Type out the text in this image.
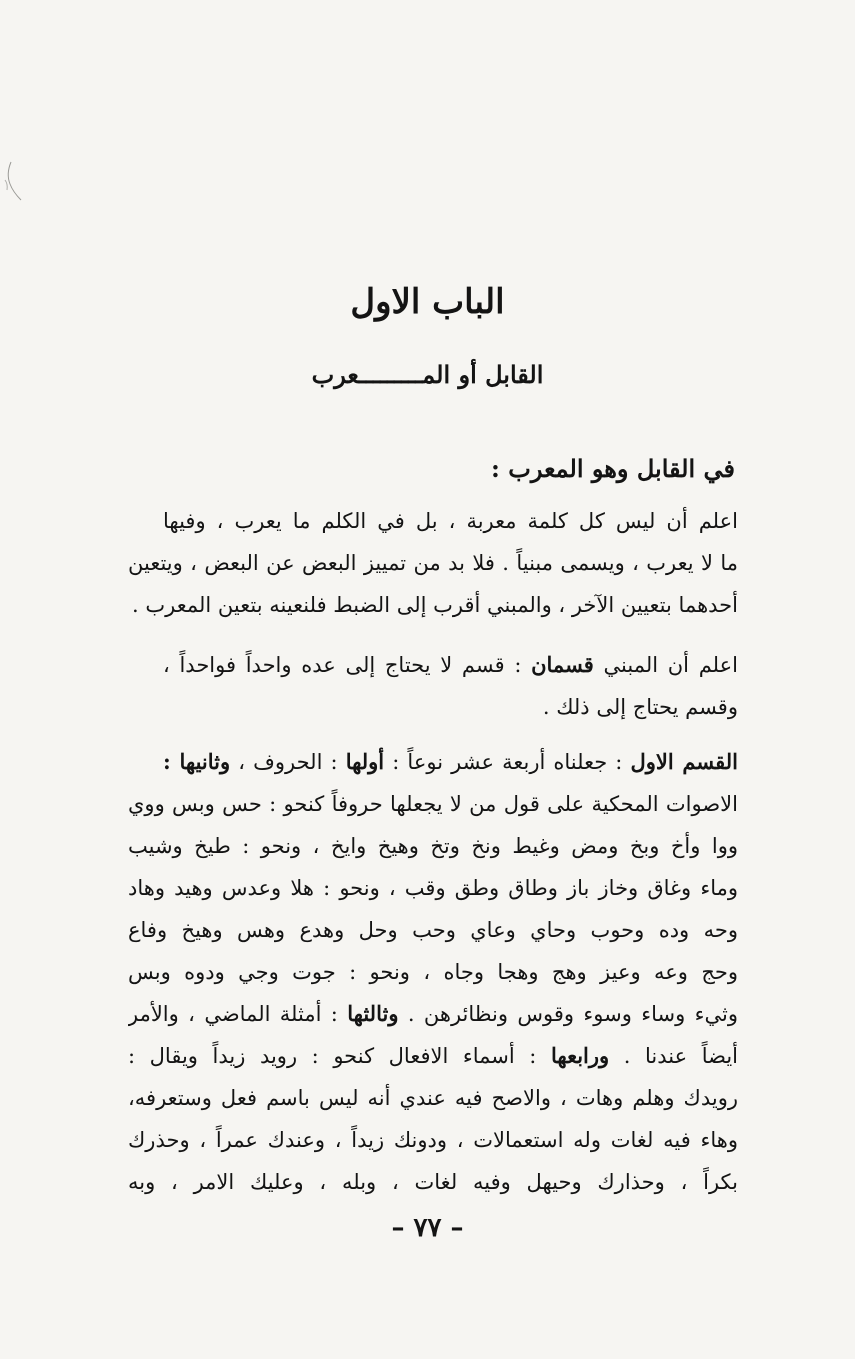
الباب الاول
القابل أو المـــــــــعرب
في القابل وهو المعرب :
اعلم أن ليس كل كلمة معربة ، بل في الكلم ما يعرب ، وفيها
ما لا يعرب ، ويسمى مبنياً . فلا بد من تمييز البعض عن البعض ، ويتعين
أحدهما بتعيين الآخر ، والمبني أقرب إلى الضبط فلنعينه بتعين المعرب .
اعلم أن المبني قسمان : قسم لا يحتاج إلى عده واحداً فواحداً ،
وقسم يحتاج إلى ذلك .
القسم الاول : جعلناه أربعة عشر نوعاً : أولها : الحروف ، وثانيها :
الاصوات المحكية على قول من لا يجعلها حروفاً كنحو : حس وبس ووي
ووا وأخ وبخ ومض وغيط ونخ وتخ وهيخ وايخ ، ونحو : طيخ وشيب
وماء وغاق وخاز باز وطاق وطق وقب ، ونحو : هلا وعدس وهيد وهاد
وحه وده وحوب وحاي وعاي وحب وحل وهدع وهس وهيخ وفاع
وحج وعه وعيز وهج وهجا وجاه ، ونحو : جوت وجي ودوه وبس
وثيء وساء وسوء وقوس ونظائرهن . وثالثها : أمثلة الماضي ، والأمر
أيضاً عندنا . ورابعها : أسماء الافعال كنحو : رويد زيداً ويقال :
رويدك وهلم وهات ، والاصح فيه عندي أنه ليس باسم فعل وستعرفه،
وهاء فيه لغات وله استعمالات ، ودونك زيداً ، وعندك عمراً ، وحذرك
بكراً ، وحذارك وحيهل وفيه لغات ، وبله ، وعليك الامر ، وبه
– ٧٧ –
